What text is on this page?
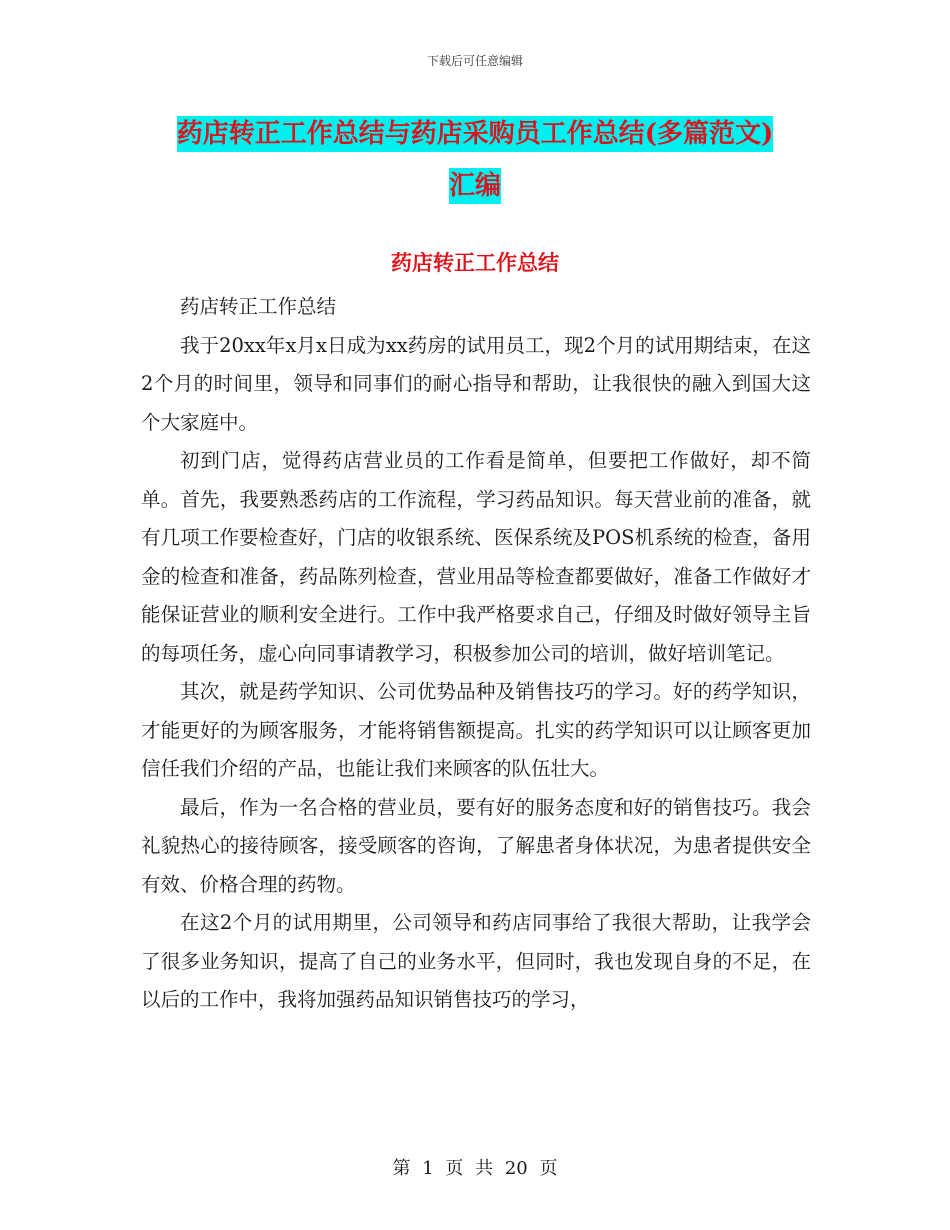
下载后可任意编辑
药店转正工作总结与药店采购员工作总结(多篇范文)
汇编
药店转正工作总结

药店转正工作总结

我于20xx年x月x日成为xx药房的试用员工，现2个月的试用期结束，在这2个月的时间里，领导和同事们的耐心指导和帮助，让我很快的融入到国大这个大家庭中。

初到门店，觉得药店营业员的工作看是简单，但要把工作做好，却不简单。首先，我要熟悉药店的工作流程，学习药品知识。每天营业前的准备，就有几项工作要检查好，门店的收银系统、医保系统及POS机系统的检查，备用金的检查和准备，药品陈列检查，营业用品等检查都要做好，准备工作做好才能保证营业的顺利安全进行。工作中我严格要求自己，仔细及时做好领导主旨的每项任务，虚心向同事请教学习，积极参加公司的培训，做好培训笔记。

其次，就是药学知识、公司优势品种及销售技巧的学习。好的药学知识，才能更好的为顾客服务，才能将销售额提高。扎实的药学知识可以让顾客更加信任我们介绍的产品，也能让我们来顾客的队伍壮大。

最后，作为一名合格的营业员，要有好的服务态度和好的销售技巧。我会礼貌热心的接待顾客，接受顾客的咨询，了解患者身体状况，为患者提供安全有效、价格合理的药物。

在这2个月的试用期里，公司领导和药店同事给了我很大帮助，让我学会了很多业务知识，提高了自己的业务水平，但同时，我也发现自身的不足，在以后的工作中，我将加强药品知识销售技巧的学习，

第 1 页 共 20 页
